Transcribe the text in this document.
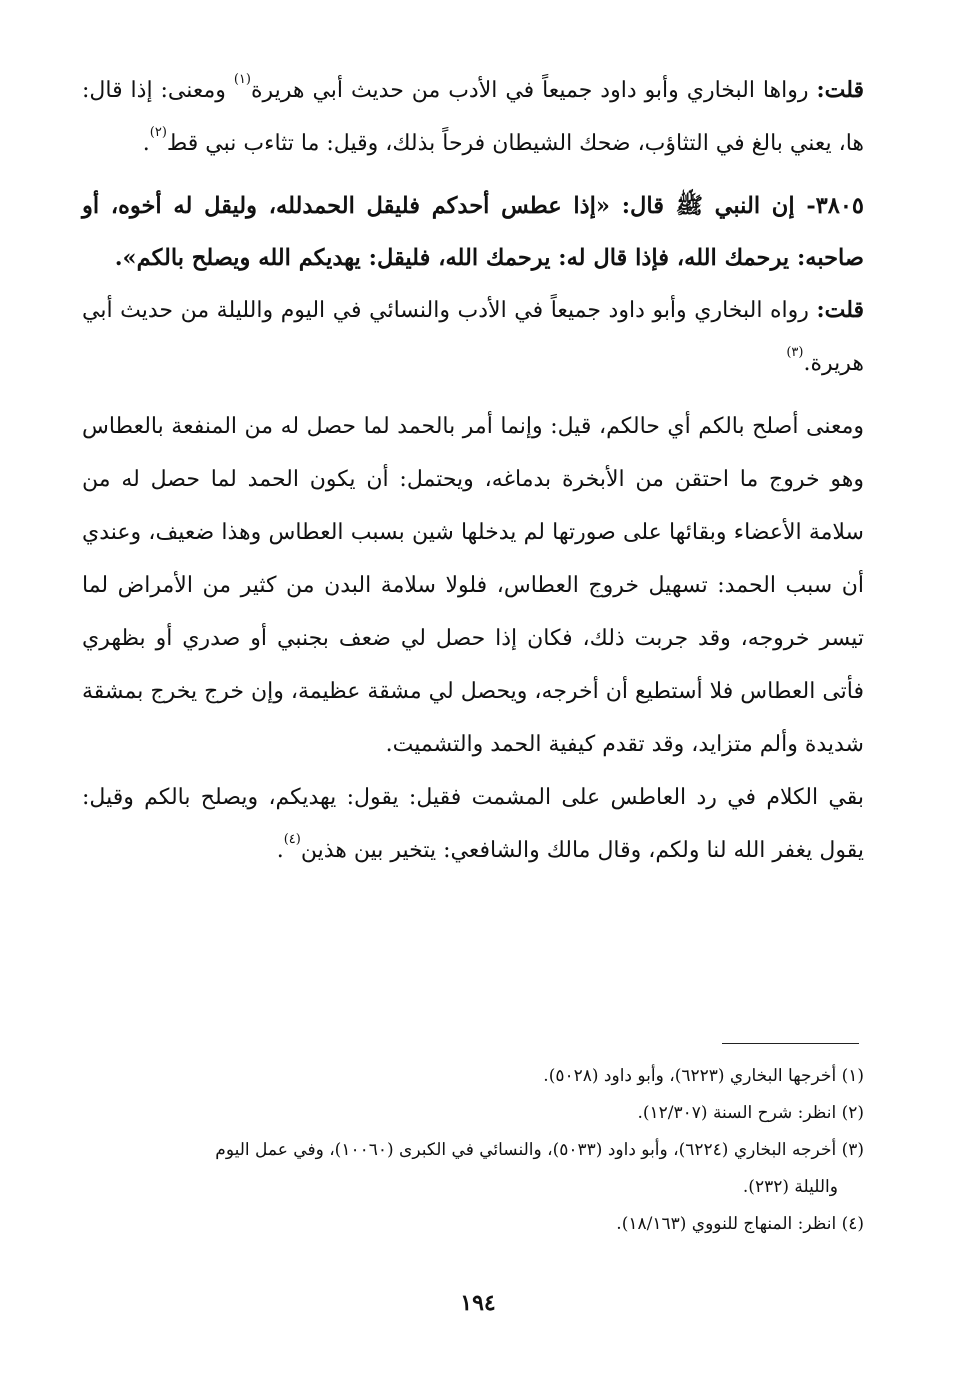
قلت: رواها البخاري وأبو داود جميعاً في الأدب من حديث أبي هريرة$^{(١)}$ ومعنى: إذا قال: ها، يعني بالغ في التثاؤب، ضحك الشيطان فرحاً بذلك، وقيل: ما تثاءب نبي قط$^{(٢)}$.

٣٨٠٥- إن النبي ﷺ قال: «إذا عطس أحدكم فليقل الحمدلله، وليقل له أخوه، أو صاحبه: يرحمك الله، فإذا قال له: يرحمك الله، فليقل: يهديكم الله ويصلح بالكم».

قلت: رواه البخاري وأبو داود جميعاً في الأدب والنسائي في اليوم والليلة من حديث أبي هريرة.$^{(٣)}$

ومعنى أصلح بالكم أي حالكم، قيل: وإنما أمر بالحمد لما حصل له من المنفعة بالعطاس وهو خروج ما احتقن من الأبخرة بدماغه، ويحتمل: أن يكون الحمد لما حصل له من سلامة الأعضاء وبقائها على صورتها لم يدخلها شين بسبب العطاس وهذا ضعيف، وعندي أن سبب الحمد: تسهيل خروج العطاس، فلولا سلامة البدن من كثير من الأمراض لما تيسر خروجه، وقد جربت ذلك، فكان إذا حصل لي ضعف بجنبي أو صدري أو بظهري فأتى العطاس فلا أستطيع أن أخرجه، ويحصل لي مشقة عظيمة، وإن خرج يخرج بمشقة شديدة وألم متزايد، وقد تقدم كيفية الحمد والتشميت.

بقي الكلام في رد العاطس على المشمت فقيل: يقول: يهديكم، ويصلح بالكم وقيل: يقول يغفر الله لنا ولكم، وقال مالك والشافعي: يتخير بين هذين$^{(٤)}$.

(١) أخرجها البخاري (٦٢٢٣)، وأبو داود (٥٠٢٨).

(٢) انظر: شرح السنة (١٢/٣٠٧).

(٣) أخرجه البخاري (٦٢٢٤)، وأبو داود (٥٠٣٣)، والنسائي في الكبرى (١٠٠٦٠)، وفي عمل اليوم

والليلة (٢٣٢).

(٤) انظر: المنهاج للنووي (١٨/١٦٣).

١٩٤
